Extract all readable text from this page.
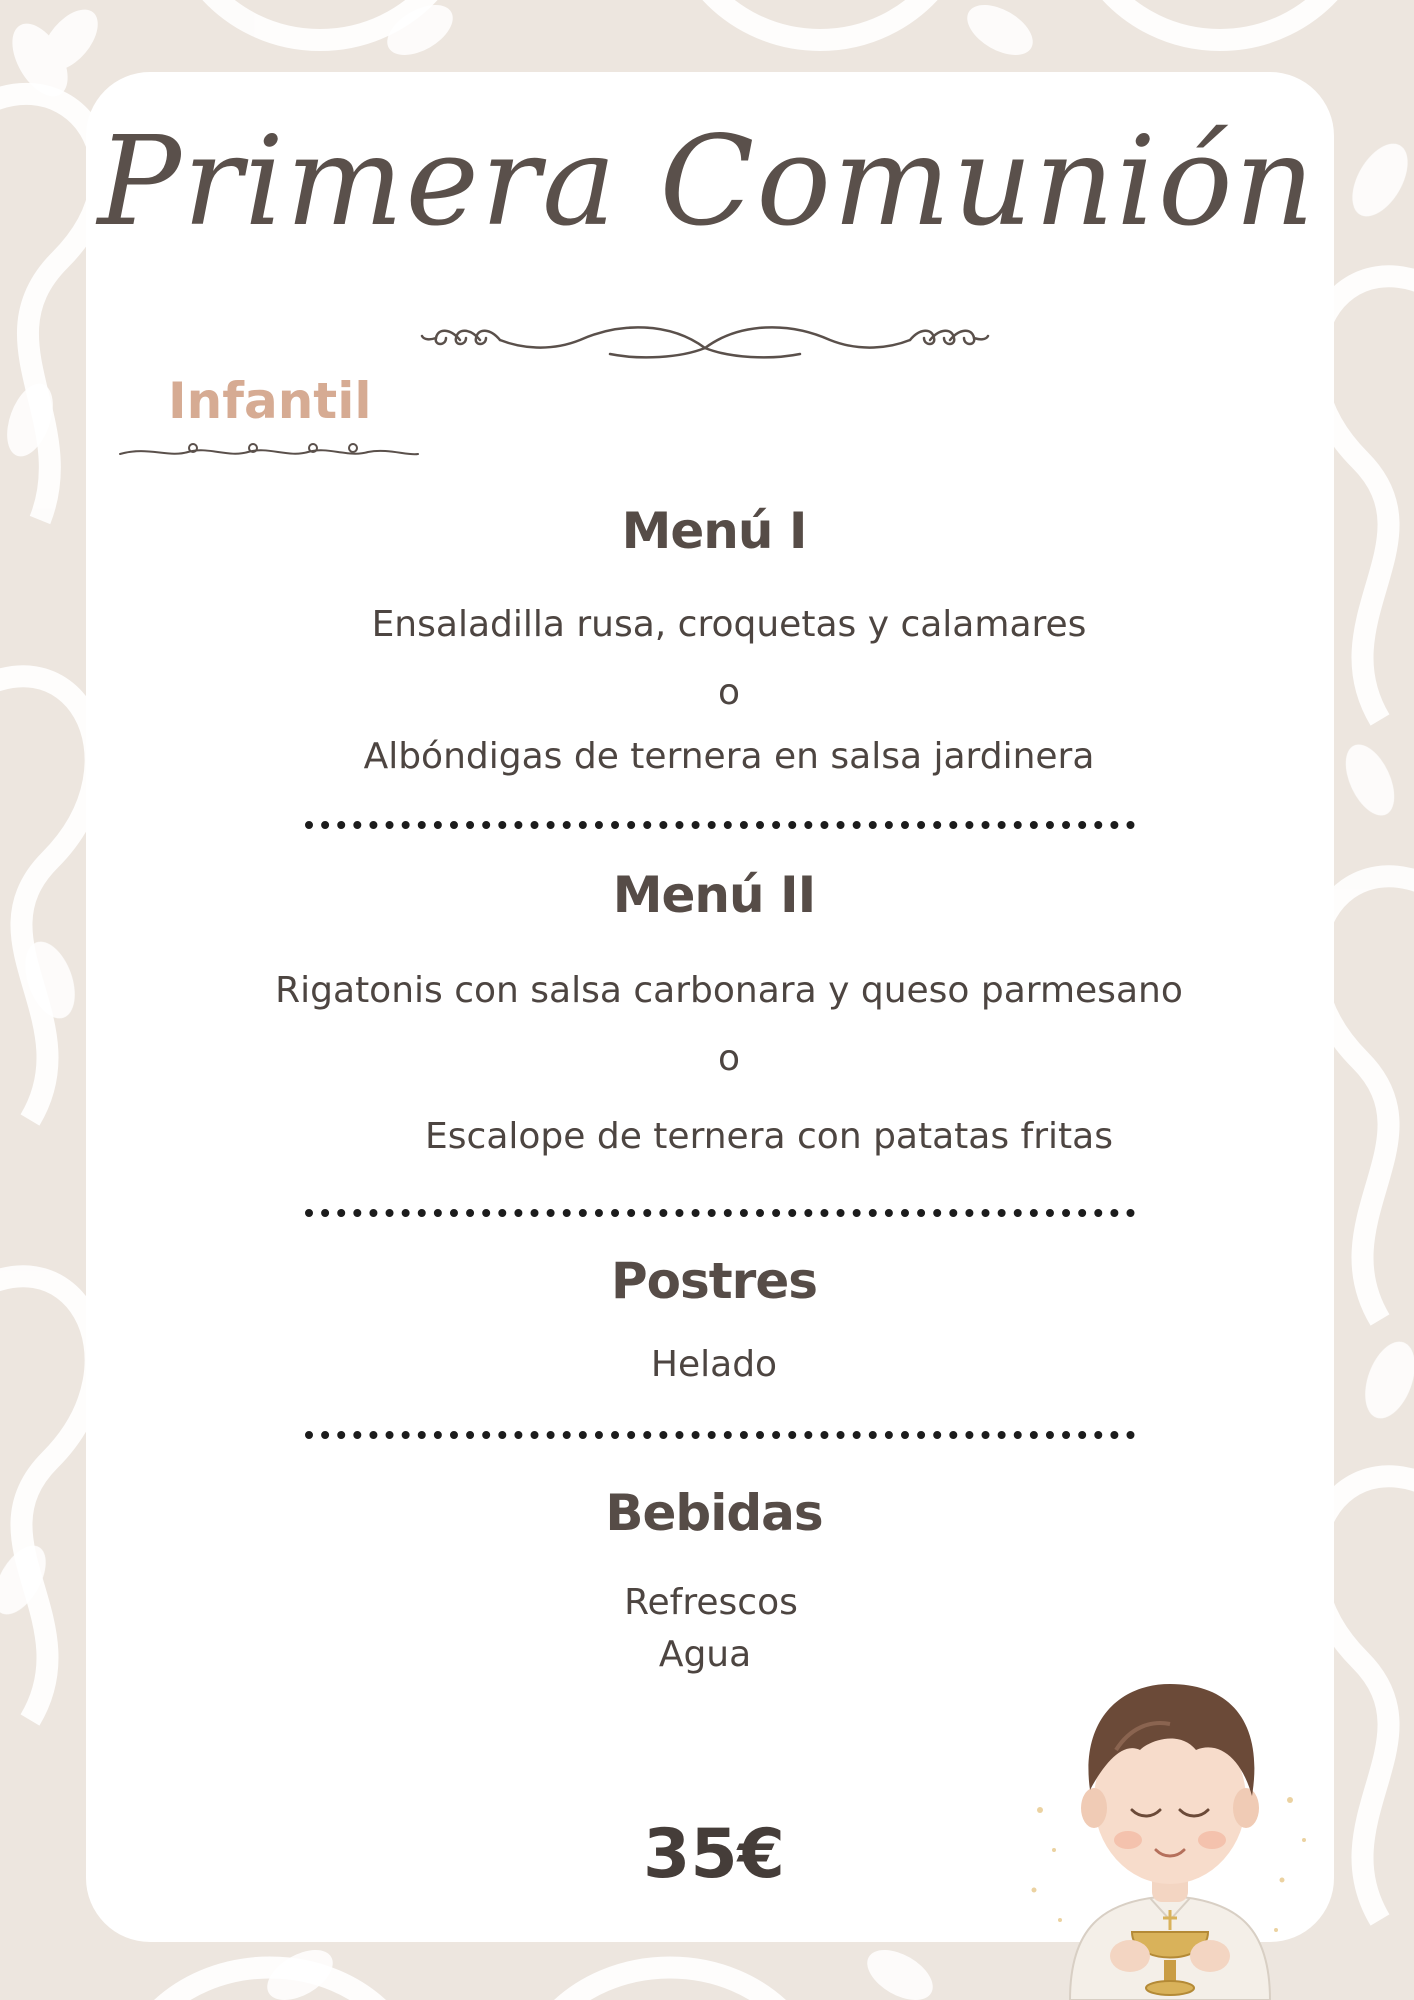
Primera Comunión
Infantil
Menú I

Ensaladilla rusa, croquetas y calamares

o

Albóndigas de ternera en salsa jardinera

Menú II

Rigatonis con salsa carbonara y queso parmesano

o

Escalope de ternera con patatas fritas

Postres

Helado

Bebidas

Refrescos

Agua

35€
